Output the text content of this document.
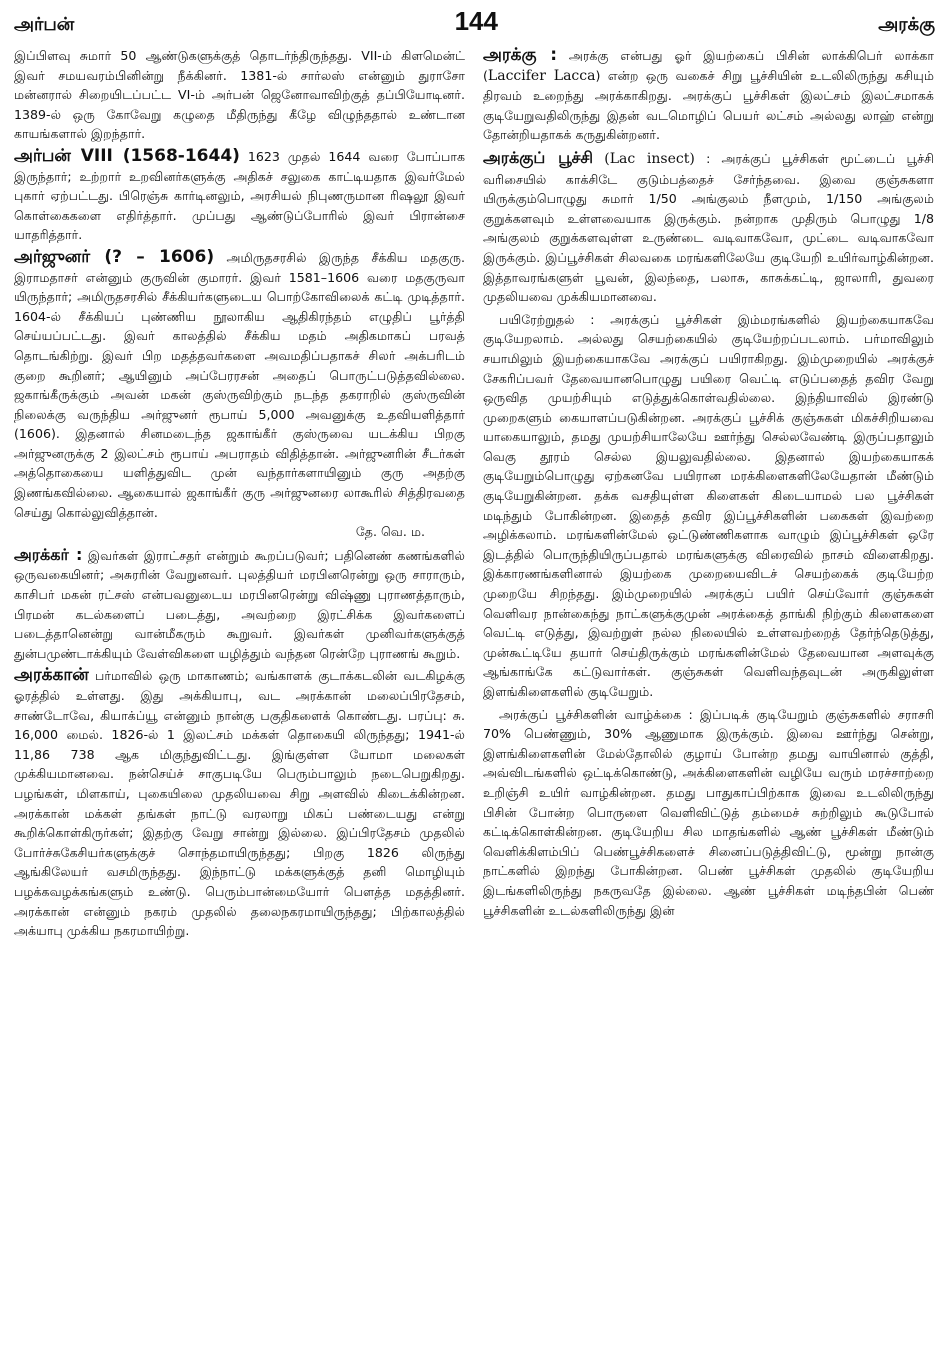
அர்பன்	144	அரக்கு

இப்பிளவு சுமார் 50 ஆண்டுகளுக்குத் தொடர்ந்திருந்தது. VII-ம் கிளமென்ட் இவர் சமயவரம்பினின்று நீக்கினர். 1381-ல் சார்லஸ் என்னும் துராசோ மன்னரால் சிறையிடப்பட்ட VI-ம் அர்பன் ஜெனோவாவிற்குத் தப்பியோடினர். 1389-ல் ஒரு கோவேறு கழுதை மீதிருந்து கீழே விழுந்ததால் உண்டான காயங்களால் இறந்தார்.

அர்பன் VIII (1568-1644) 1623 முதல் 1644 வரை போப்பாக இருந்தார்; உற்றார் உறவினர்களுக்கு அதிகச் சலுகை காட்டியதாக இவர்மேல் புகார் ஏற்பட்டது. பிரெஞ்சு கார்டினலும், அரசியல் நிபுணருமான ரிஷலூ இவர் கொள்கைகளை எதிர்த்தார். முப்பது ஆண்டுப்போரில் இவர் பிரான்சை யாதரித்தார்.

அர்ஜுனர் (? – 1606) அமிருதசரசில் இருந்த சீக்கிய மதகுரு. இராமதாசர் என்னும் குருவின் குமாரர். இவர் 1581–1606 வரை மதகுருவா யிருந்தார்; அமிருதசரசில் சீக்கியர்களுடைய பொற்கோவிலைக் கட்டி முடித்தார். 1604-ல் சீக்கியப் புண்ணிய நூலாகிய ஆதிகிரந்தம் எழுதிப் பூர்த்தி செய்யப்பட்டது. இவர் காலத்தில் சீக்கிய மதம் அதிகமாகப் பரவத் தொடங்கிற்று. இவர் பிற மதத்தவர்களை அவமதிப்பதாகச் சிலர் அக்பரிடம் குறை கூறினர்; ஆயினும் அப்பேரரசன் அதைப் பொருட்படுத்தவில்லை. ஜகாங்கீருக்கும் அவன் மகன் குஸ்ருவிற்கும் நடந்த தகராறில் குஸ்ருவின் நிலைக்கு வருந்திய அர்ஜுனர் ரூபாய் 5,000 அவனுக்கு உதவியளித்தார் (1606). இதனால் சினமடைந்த ஜகாங்கீர் குஸ்ருவை யடக்கிய பிறகு அர்ஜுனருக்கு 2 இலட்சம் ரூபாய் அபராதம் விதித்தான். அர்ஜுனரின் சீடர்கள் அத்தொகையை யளித்துவிட முன் வந்தார்களாயினும் குரு அதற்கு இணங்கவில்லை. ஆகையால் ஜகாங்கீர் குரு அர்ஜுனரை லாகூரில் சித்திரவதை செய்து கொல்லுவித்தான்.
தே. வெ. ம.

அரக்கர் : இவர்கள் இராட்சதர் என்றும் கூறப்படுவர்; பதினெண் கணங்களில் ஒருவகையினர்; அசுரரின் வேறுனவர். புலத்தியர் மரபினரென்று ஒரு சாராரும், காசிபர் மகன் ரட்சஸ் என்பவனுடைய மரபினரென்று விஷ்ணு புராணத்தாரும், பிரமன் கடல்களைப் படைத்து, அவற்றை இரட்சிக்க இவர்களைப் படைத்தானென்று வான்மீகரும் கூறுவர். இவர்கள் முனிவர்களுக்குத் துன்பமுண்டாக்கியும் வேள்விகளை யழித்தும் வந்தன ரென்றே புராணங் கூறும்.

அரக்கான் பர்மாவில் ஒரு மாகாணம்; வங்காளக் குடாக்கடலின் வடகிழக்கு ஓரத்தில் உள்ளது. இது அக்கியாபு, வட அரக்கான் மலைப்பிரதேசம், சாண்டோவே, கியாக்ப்யூ என்னும் நான்கு பகுதிகளைக் கொண்டது. பரப்பு: சு. 16,000 மைல். 1826-ல் 1 இலட்சம் மக்கள் தொகையி லிருந்தது; 1941-ல் 11,86 738 ஆக மிகுந்துவிட்டது. இங்குள்ள யோமா மலைகள் முக்கியமானவை. நன்செய்ச் சாகுபடியே பெரும்பாலும் நடைபெறுகிறது. பழங்கள், மிளகாய், புகையிலை முதலியவை சிறு அளவில் கிடைக்கின்றன. அரக்கான் மக்கள் தங்கள் நாட்டு வரலாறு மிகப் பண்டையது என்று கூறிக்கொள்கிருர்கள்; இதற்கு வேறு சான்று இல்லை. இப்பிரதேசம் முதலில் போர்ச்சுகேசியர்களுக்குச் சொந்தமாயிருந்தது; பிறகு 1826 லிருந்து ஆங்கிலேயர் வசமிருந்தது. இந்நாட்டு மக்களுக்குத் தனி மொழியும் பழக்கவழக்கங்களும் உண்டு. பெரும்பான்மையோர் பௌத்த மதத்தினர். அரக்கான் என்னும் நகரம் முதலில் தலைநகரமாயிருந்தது; பிற்காலத்தில் அக்யாபு முக்கிய நகரமாயிற்று.

அரக்கு : அரக்கு என்பது ஓர் இயற்கைப் பிசின் லாக்கிபெர் லாக்கா (Laccifer Lacca) என்ற ஒரு வகைச் சிறு பூச்சியின் உடலிலிருந்து கசியும் திரவம் உறைந்து அரக்காகிறது. அரக்குப் பூச்சிகள் இலட்சம் இலட்சமாகக் குடியேறுவதிலிருந்து இதன் வடமொழிப் பெயர் லட்சம் அல்லது லாஹ் என்று தோன்றியதாகக் கருதுகின்றனர்.

அரக்குப் பூச்சி (Lac insect) : அரக்குப் பூச்சிகள் மூட்டைப் பூச்சி வரிசையில் காக்சிடே குடும்பத்தைச் சேர்ந்தவை. இவை குஞ்சுகளா யிருக்கும்பொழுது சுமார் 1/50 அங்குலம் நீளமும், 1/150 அங்குலம் குறுக்களவும் உள்ளவையாக இருக்கும். நன்றாக முதிரும் பொழுது 1/8 அங்குலம் குறுக்களவுள்ள உருண்டை வடிவாகவோ, முட்டை வடிவாகவோ இருக்கும். இப்பூச்சிகள் சிலவகை மரங்களிலேயே குடியேறி உயிர்வாழ்கின்றன. இத்தாவரங்களுள் பூவன், இலந்தை, பலாசு, காசுக்கட்டி, ஜாலாரி, துவரை முதலியவை முக்கியமானவை.

பயிரேற்றுதல் : அரக்குப் பூச்சிகள் இம்மரங்களில் இயற்கையாகவே குடியேறலாம். அல்லது செயற்கையில் குடியேற்றப்படலாம். பர்மாவிலும் சயாமிலும் இயற்கையாகவே அரக்குப் பயிராகிறது. இம்முறையில் அரக்குச் சேகரிப்பவர் தேவையானபொழுது பயிரை வெட்டி எடுப்பதைத் தவிர வேறு ஒருவித முயற்சியும் எடுத்துக்கொள்வதில்லை. இந்தியாவில் இரண்டு முறைகளும் கையாளப்படுகின்றன. அரக்குப் பூச்சிக் குஞ்சுகள் மிகச்சிறியவை யாகையாலும், தமது முயற்சியாலேயே ஊர்ந்து செல்லவேண்டி இருப்பதாலும் வெகு தூரம் செல்ல இயலுவதில்லை. இதனால் இயற்கையாகக் குடியேறும்பொழுது ஏற்கனவே பயிரான மரக்கிளைகளிலேயேதான் மீண்டும் குடியேறுகின்றன. தக்க வசதியுள்ள கிளைகள் கிடையாமல் பல பூச்சிகள் மடிந்தும் போகின்றன. இதைத் தவிர இப்பூச்சிகளின் பகைகள் இவற்றை அழிக்கலாம். மரங்களின்மேல் ஒட்டுண்ணிகளாக வாழும் இப்பூச்சிகள் ஒரே இடத்தில் பொருந்தியிருப்பதால் மரங்களுக்கு விரைவில் நாசம் விளைகிறது. இக்காரணங்களினால் இயற்கை முறையைவிடச் செயற்கைக் குடியேற்ற முறையே சிறந்தது. இம்முறையில் அரக்குப் பயிர் செய்வோர் குஞ்சுகள் வெளிவர நான்கைந்து நாட்களுக்குமுன் அரக்கைத் தாங்கி நிற்கும் கிளைகளை வெட்டி எடுத்து, இவற்றுள் நல்ல நிலையில் உள்ளவற்றைத் தேர்ந்தெடுத்து, முன்கூட்டியே தயார் செய்திருக்கும் மரங்களின்மேல் தேவையான அளவுக்கு ஆங்காங்கே கட்டுவார்கள். குஞ்சுகள் வெளிவந்தவுடன் அருகிலுள்ள இளங்கிளைகளில் குடியேறும்.

அரக்குப் பூச்சிகளின் வாழ்க்கை : இப்படிக் குடியேறும் குஞ்சுகளில் சராசரி 70% பெண்ணும், 30% ஆணுமாக இருக்கும். இவை ஊர்ந்து சென்று, இளங்கிளைகளின் மேல்தோலில் குழாய் போன்ற தமது வாயினால் குத்தி, அவ்விடங்களில் ஒட்டிக்கொண்டு, அக்கிளைகளின் வழியே வரும் மரச்சாற்றை உறிஞ்சி உயிர் வாழ்கின்றன. தமது பாதுகாப்பிற்காக இவை உடலிலிருந்து பிசின் போன்ற பொருளை வெளிவிட்டுத் தம்மைச் சுற்றிலும் கூடுபோல் கட்டிக்கொள்கின்றன. குடியேறிய சில மாதங்களில் ஆண் பூச்சிகள் மீண்டும் வெளிக்கிளம்பிப் பெண்பூச்சிகளைச் சினைப்படுத்திவிட்டு, மூன்று நான்கு நாட்களில் இறந்து போகின்றன. பெண் பூச்சிகள் முதலில் குடியேறிய இடங்களிலிருந்து நகருவதே இல்லை. ஆண் பூச்சிகள் மடிந்தபின் பெண் பூச்சிகளின் உடல்களிலிருந்து இன்
